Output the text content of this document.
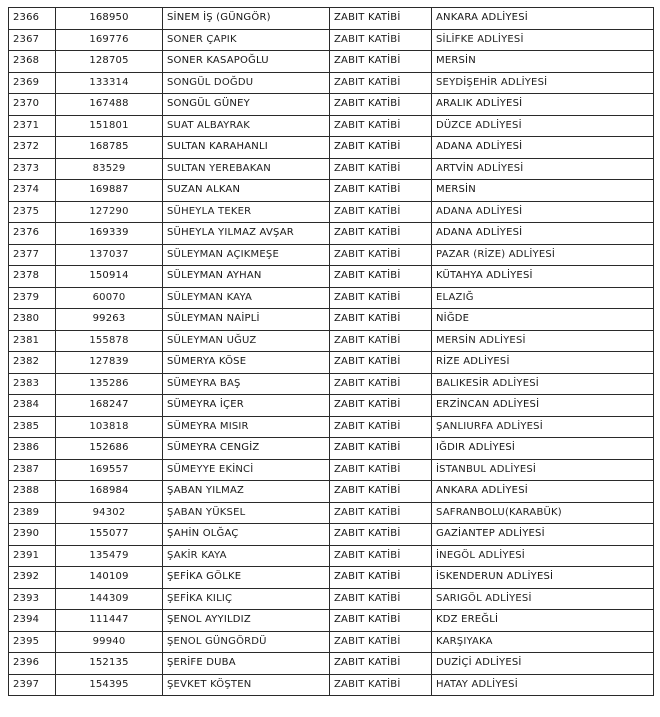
2366	168950	SİNEM İŞ (GÜNGÖR)	ZABIT KATİBİ	ANKARA ADLİYESİ
2367	169776	SONER ÇAPIK	ZABIT KATİBİ	SİLİFKE ADLİYESİ
2368	128705	SONER KASAPOĞLU	ZABIT KATİBİ	MERSİN
2369	133314	SONGÜL DOĞDU	ZABIT KATİBİ	SEYDİŞEHİR ADLİYESİ
2370	167488	SONGÜL GÜNEY	ZABIT KATİBİ	ARALIK ADLİYESİ
2371	151801	SUAT ALBAYRAK	ZABIT KATİBİ	DÜZCE ADLİYESİ
2372	168785	SULTAN KARAHANLI	ZABIT KATİBİ	ADANA ADLİYESİ
2373	83529	SULTAN YEREBAKAN	ZABIT KATİBİ	ARTVİN ADLİYESİ
2374	169887	SUZAN ALKAN	ZABIT KATİBİ	MERSİN
2375	127290	SÜHEYLA TEKER	ZABIT KATİBİ	ADANA ADLİYESİ
2376	169339	SÜHEYLA YILMAZ AVŞAR	ZABIT KATİBİ	ADANA ADLİYESİ
2377	137037	SÜLEYMAN AÇIKMEŞE	ZABIT KATİBİ	PAZAR (RİZE) ADLİYESİ
2378	150914	SÜLEYMAN AYHAN	ZABIT KATİBİ	KÜTAHYA ADLİYESİ
2379	60070	SÜLEYMAN KAYA	ZABIT KATİBİ	ELAZIĞ
2380	99263	SÜLEYMAN NAİPLİ	ZABIT KATİBİ	NİĞDE
2381	155878	SÜLEYMAN UĞUZ	ZABIT KATİBİ	MERSİN ADLİYESİ
2382	127839	SÜMERYA KÖSE	ZABIT KATİBİ	RİZE ADLİYESİ
2383	135286	SÜMEYRA BAŞ	ZABIT KATİBİ	BALIKESİR ADLİYESİ
2384	168247	SÜMEYRA İÇER	ZABIT KATİBİ	ERZİNCAN ADLİYESİ
2385	103818	SÜMEYRA MISIR	ZABIT KATİBİ	ŞANLIURFA ADLİYESİ
2386	152686	SÜMEYRA CENGİZ	ZABIT KATİBİ	IĞDIR ADLİYESİ
2387	169557	SÜMEYYE EKİNCİ	ZABIT KATİBİ	İSTANBUL ADLİYESİ
2388	168984	ŞABAN YILMAZ	ZABIT KATİBİ	ANKARA ADLİYESİ
2389	94302	ŞABAN YÜKSEL	ZABIT KATİBİ	SAFRANBOLU(KARABÜK)
2390	155077	ŞAHİN OLĞAÇ	ZABIT KATİBİ	GAZİANTEP ADLİYESİ
2391	135479	ŞAKİR KAYA	ZABIT KATİBİ	İNEGÖL ADLİYESİ
2392	140109	ŞEFİKA GÖLKE	ZABIT KATİBİ	İSKENDERUN ADLİYESİ
2393	144309	ŞEFİKA KILIÇ	ZABIT KATİBİ	SARIGÖL ADLİYESİ
2394	111447	ŞENOL AYYILDIZ	ZABIT KATİBİ	KDZ EREĞLİ
2395	99940	ŞENOL GÜNGÖRDÜ	ZABIT KATİBİ	KARŞIYAKA
2396	152135	ŞERİFE DUBA	ZABIT KATİBİ	DUZİÇİ ADLİYESİ
2397	154395	ŞEVKET KÖŞTEN	ZABIT KATİBİ	HATAY ADLİYESİ
